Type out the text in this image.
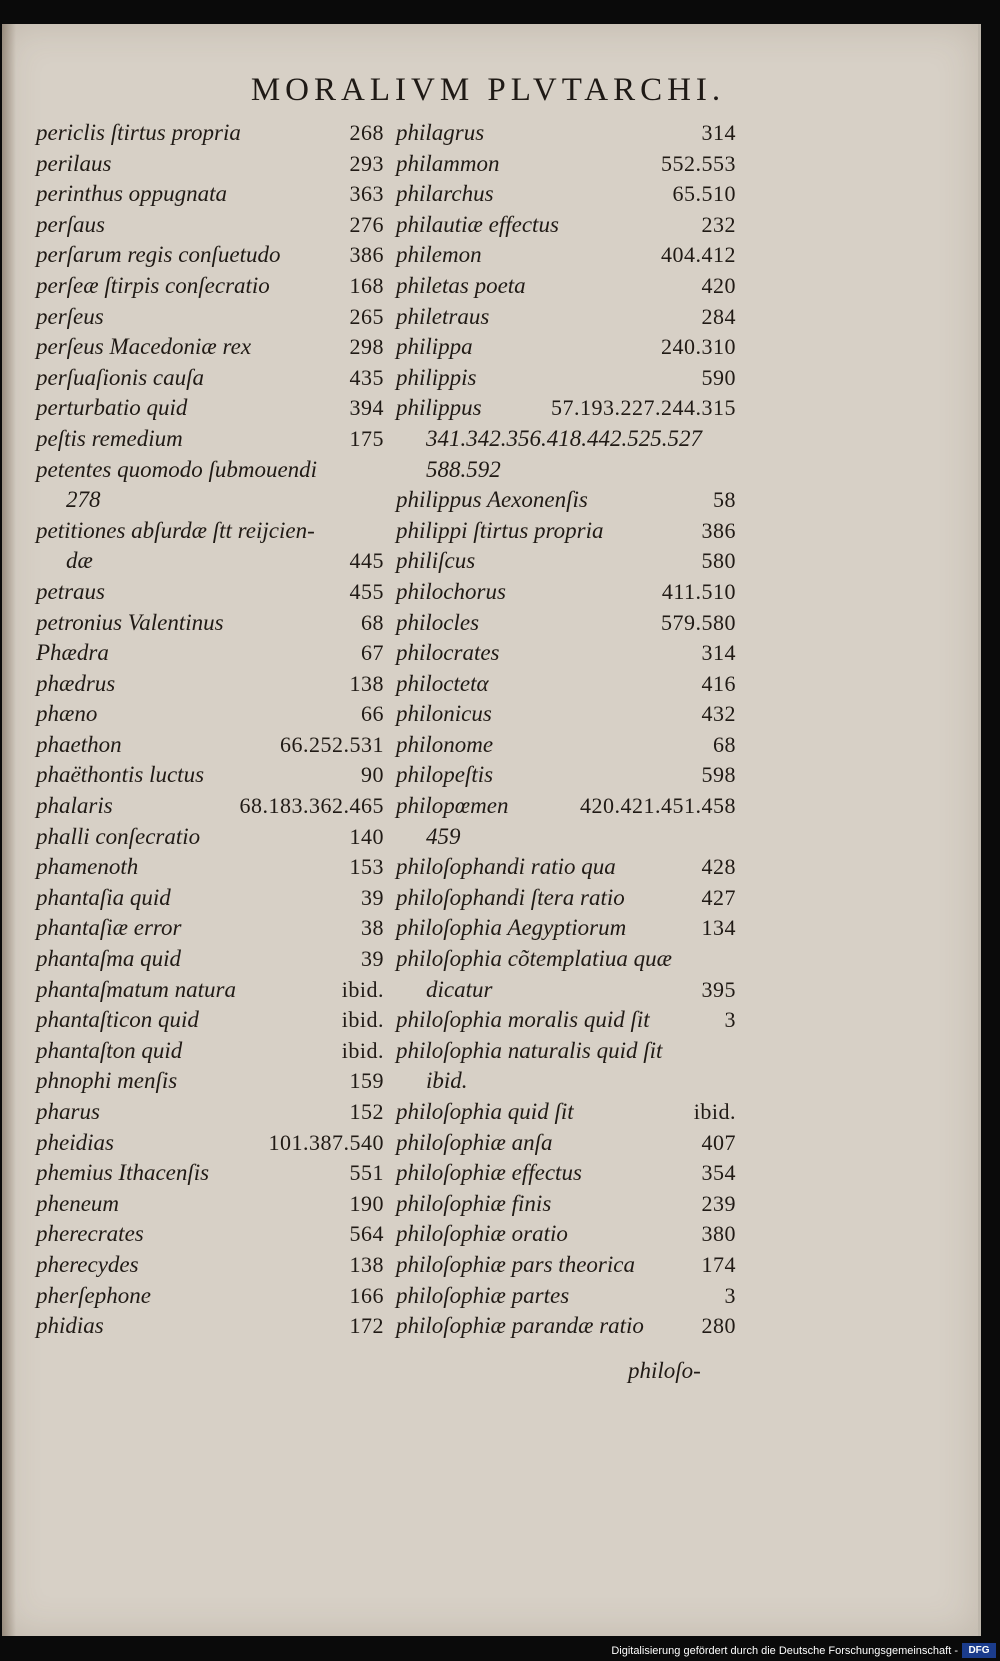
MORALIVM PLVTARCHI.
268
periclis ſtirtus propria
293
perilaus
363
perinthus oppugnata
276
perſaus
386
perſarum regis conſuetudo
168
perſeæ ſtirpis conſecratio
265
perſeus
298
perſeus Macedoniæ rex
435
perſuaſionis cauſa
394
perturbatio quid
175
peſtis remedium
petentes quomodo ſubmouendi
278
petitiones abſurdæ ſtt reijcien-
445
dæ
455
petraus
68
petronius Valentinus
67
Phædra
138
phædrus
66
phæno
66.252.531
phaethon
90
phaëthontis luctus
68.183.362.465
phalaris
140
phalli conſecratio
153
phamenoth
39
phantaſia quid
38
phantaſiæ error
39
phantaſma quid
ibid.
phantaſmatum natura
ibid.
phantaſticon quid
ibid.
phantaſton quid
159
phnophi menſis
152
pharus
101.387.540
pheidias
551
phemius Ithacenſis
190
pheneum
564
pherecrates
138
pherecydes
166
pherſephone
172
phidias
314
philagrus
552.553
philammon
65.510
philarchus
232
philautiæ effectus
404.412
philemon
420
philetas poeta
284
philetraus
240.310
philippa
590
philippis
57.193.227.244.315
philippus
341.342.356.418.442.525.527
588.592
58
philippus Aexonenſis
386
philippi ſtirtus propria
580
philiſcus
411.510
philochorus
579.580
philocles
314
philocrates
416
philoctetα
432
philonicus
68
philonome
598
philopeſtis
420.421.451.458
philopœmen
459
428
philoſophandi ratio qua
427
philoſophandi ſtera ratio
134
philoſophia Aegyptiorum
philoſophia cõtemplatiua quæ
395
dicatur
3
philoſophia moralis quid ſit
philoſophia naturalis quid ſit
ibid.
ibid.
philoſophia quid ſit
407
philoſophiæ anſa
354
philoſophiæ effectus
239
philoſophiæ finis
380
philoſophiæ oratio
174
philoſophiæ pars theorica
3
philoſophiæ partes
280
philoſophiæ parandæ ratio
philoſo-
Digitalisierung gefördert durch die Deutsche Forschungsgemeinschaft -	DFG
